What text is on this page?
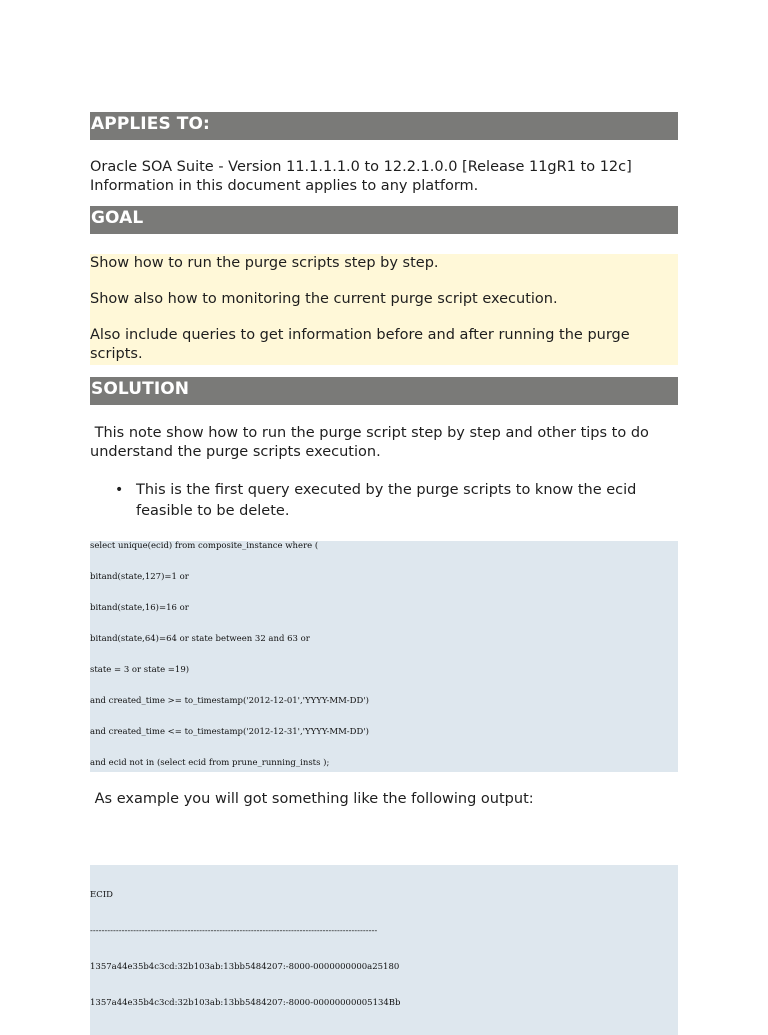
APPLIES TO:

Oracle SOA Suite - Version 11.1.1.1.0 to 12.2.1.0.0 [Release 11gR1 to 12c]

Information in this document applies to any platform.

GOAL

Show how to run the purge scripts step by step.

Show also how to monitoring the current purge script execution.

Also include queries to get information before and after running the purge scripts.

SOLUTION

This note show how to run the purge script step by step and other tips to do understand the purge scripts execution.

• This is the first query executed by the purge scripts to know the ecid feasible to be delete.
select unique(ecid) from composite_instance where (
bitand(state,127)=1 or
bitand(state,16)=16 or
bitand(state,64)=64 or state between 32 and 63 or
state = 3 or state =19)
and created_time >= to_timestamp('2012-12-01','YYYY-MM-DD')
and created_time <= to_timestamp('2012-12-31','YYYY-MM-DD')
and ecid not in (select ecid from prune_running_insts );

As example you will got something like the following output:

ECID

----------------------------------------------------------------------------------------------------

1357a44e35b4c3cd:32b103ab:13bb5484207:-8000-0000000000a25180

1357a44e35b4c3cd:32b103ab:13bb5484207:-8000-00000000005134Bb
